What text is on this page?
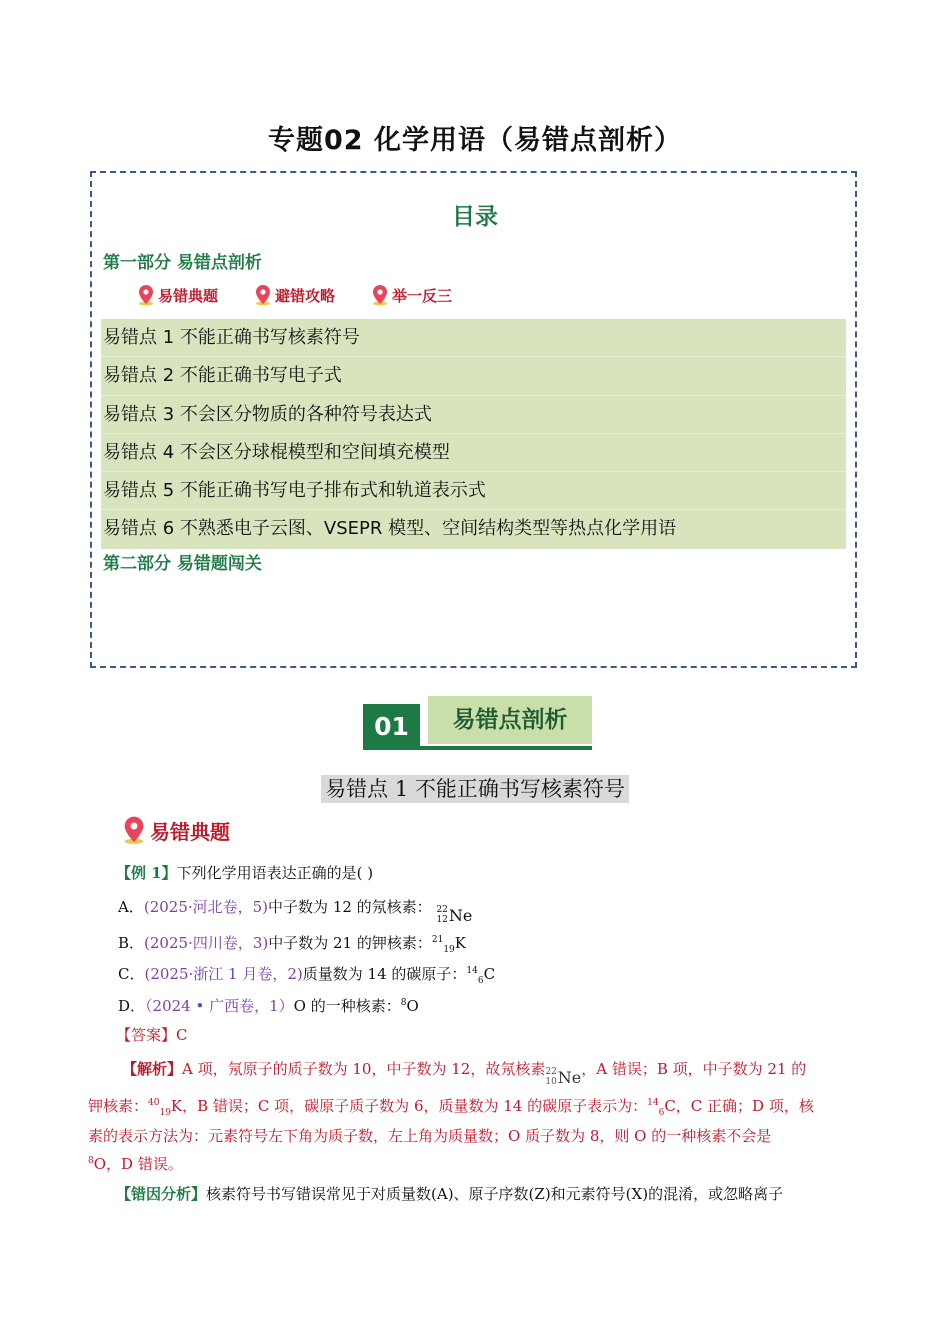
专题02 化学用语（易错点剖析）
目录
第一部分 易错点剖析
易错典题	避错攻略	举一反三
易错点 1 不能正确书写核素符号
易错点 2 不能正确书写电子式
易错点 3 不会区分物质的各种符号表达式
易错点 4 不会区分球棍模型和空间填充模型
易错点 5 不能正确书写电子排布式和轨道表示式
易错点 6 不熟悉电子云图、VSEPR 模型、空间结构类型等热点化学用语
第二部分 易错题闯关
01	易错点剖析
易错点 1 不能正确书写核素符号
易错典题
【例 1】下列化学用语表达正确的是( )
A．(2025·河北卷，5)中子数为 12 的氖核素： 22
12 Ne
B．(2025·四川卷，3)中子数为 21 的钾核素：$^{21}_{19}$K
C．(2025·浙江 1 月卷，2)质量数为 14 的碳原子：$^{14}_6$C
D．（2024 • 广西卷，1）O 的一种核素：$^8$O
【答案】C
【解析】A 项，氖原子的质子数为 10，中子数为 12，故氖核素 22
10 Ne ，A 错误；B 项，中子数为 21 的
钾核素：$^{40}_{19}$K，B 错误；C 项，碳原子质子数为 6，质量数为 14 的碳原子表示为：$^{14}_6$C，C 正确；D 项，核
素的表示方法为：元素符号左下角为质子数，左上角为质量数；O 质子数为 8，则 O 的一种核素不会是
$^8$O，D 错误。
【错因分析】核素符号书写错误常见于对质量数(A)、原子序数(Z)和元素符号(X)的混淆，或忽略离子
